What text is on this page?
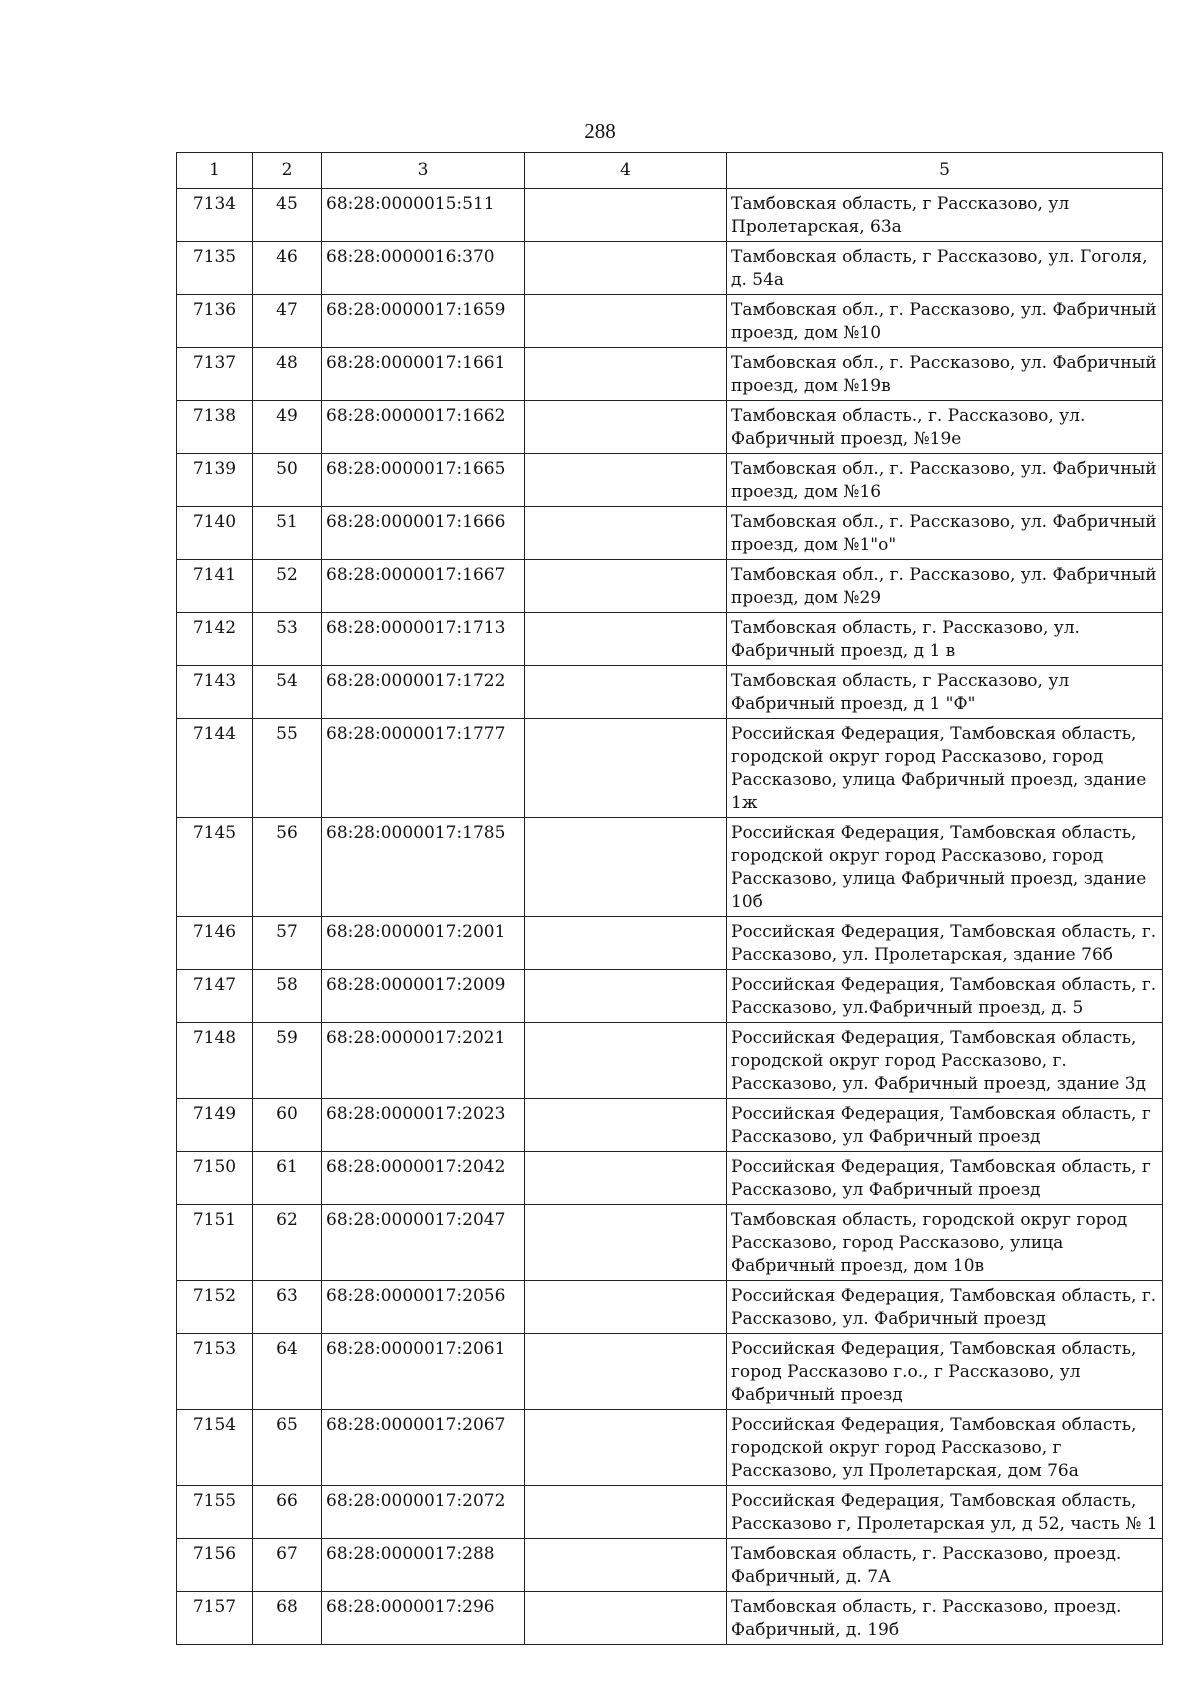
288
1	2	3	4	5
7134	45	68:28:0000015:511		Тамбовская область, г Рассказово, ул Пролетарская, 63а
7135	46	68:28:0000016:370		Тамбовская область, г Рассказово, ул. Гоголя, д. 54а
7136	47	68:28:0000017:1659		Тамбовская обл., г. Рассказово, ул. Фабричный проезд, дом №10
7137	48	68:28:0000017:1661		Тамбовская обл., г. Рассказово, ул. Фабричный проезд, дом №19в
7138	49	68:28:0000017:1662		Тамбовская область., г. Рассказово, ул. Фабричный проезд, №19е
7139	50	68:28:0000017:1665		Тамбовская обл., г. Рассказово, ул. Фабричный проезд, дом №16
7140	51	68:28:0000017:1666		Тамбовская обл., г. Рассказово, ул. Фабричный проезд, дом №1"о"
7141	52	68:28:0000017:1667		Тамбовская обл., г. Рассказово, ул. Фабричный проезд, дом №29
7142	53	68:28:0000017:1713		Тамбовская область, г. Рассказово, ул. Фабричный проезд, д 1 в
7143	54	68:28:0000017:1722		Тамбовская область, г Рассказово, ул Фабричный проезд, д 1 "Ф"
7144	55	68:28:0000017:1777		Российская Федерация, Тамбовская область, городской округ город Рассказово, город Рассказово, улица Фабричный проезд, здание 1ж
7145	56	68:28:0000017:1785		Российская Федерация, Тамбовская область, городской округ город Рассказово, город Рассказово, улица Фабричный проезд, здание 10б
7146	57	68:28:0000017:2001		Российская Федерация, Тамбовская область, г. Рассказово, ул. Пролетарская, здание 76б
7147	58	68:28:0000017:2009		Российская Федерация, Тамбовская область, г. Рассказово, ул.Фабричный проезд, д. 5
7148	59	68:28:0000017:2021		Российская Федерация, Тамбовская область, городской округ город Рассказово, г. Рассказово, ул. Фабричный проезд, здание 3д
7149	60	68:28:0000017:2023		Российская Федерация, Тамбовская область, г Рассказово, ул Фабричный проезд
7150	61	68:28:0000017:2042		Российская Федерация, Тамбовская область, г Рассказово, ул Фабричный проезд
7151	62	68:28:0000017:2047		Тамбовская область, городской округ город Рассказово, город Рассказово, улица Фабричный проезд, дом 10в
7152	63	68:28:0000017:2056		Российская Федерация, Тамбовская область, г. Рассказово, ул. Фабричный проезд
7153	64	68:28:0000017:2061		Российская Федерация, Тамбовская область, город Рассказово г.о., г Рассказово, ул Фабричный проезд
7154	65	68:28:0000017:2067		Российская Федерация, Тамбовская область, городской округ город Рассказово, г Рассказово, ул Пролетарская, дом 76а
7155	66	68:28:0000017:2072		Российская Федерация, Тамбовская область, Рассказово г, Пролетарская ул, д 52, часть № 1
7156	67	68:28:0000017:288		Тамбовская область, г. Рассказово, проезд. Фабричный, д. 7А
7157	68	68:28:0000017:296		Тамбовская область, г. Рассказово, проезд. Фабричный, д. 19б
